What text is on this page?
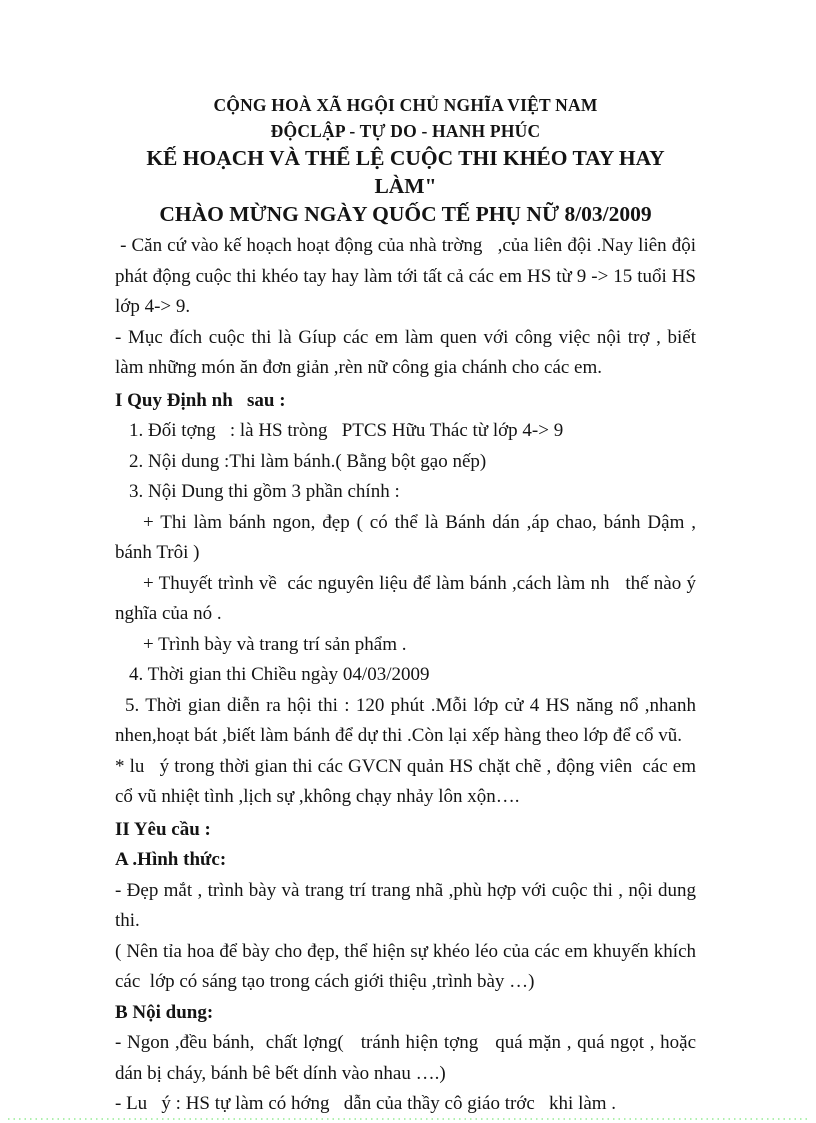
CỘNG HOÀ XÃ HGỘI CHỦ NGHĨA VIỆT NAM
ĐỘCLẬP - TỰ DO - HANH PHÚC
KẾ HOẠCH VÀ THỂ LỆ CUỘC THI KHÉO TAY HAY LÀM"
CHÀO MỪNG NGÀY QUỐC TẾ PHỤ NỮ 8/03/2009
- Căn cứ vào kế hoạch hoạt động của nhà trờng   ,của liên đội .Nay liên đội phát động cuộc thi khéo tay hay làm tới tất cả các em HS từ 9 -> 15 tuổi HS lớp 4-> 9.
- Mục đích cuộc thi là Gíup các em làm quen với công việc nội trợ , biết làm những món ăn đơn giản ,rèn nữ công gia chánh cho các em.
I Quy Định nh   sau :
1. Đối tợng   : là HS tròng   PTCS Hữu Thác từ lớp 4-> 9
2. Nội dung :Thi làm bánh.( Bằng bột gạo nếp)
3. Nội Dung thi gồm 3 phần chính :
+ Thi làm bánh ngon, đẹp ( có thể là Bánh dán ,áp chao, bánh Dậm , bánh Trôi )
+ Thuyết trình về  các nguyên liệu để làm bánh ,cách làm nh   thế nào ý nghĩa của nó .
+ Trình bày và trang trí sản phẩm .
4. Thời gian thi Chiều ngày 04/03/2009
5. Thời gian diễn ra hội thi : 120 phút .Mỗi lớp cử 4 HS năng nổ ,nhanh nhen,hoạt bát ,biết làm bánh để dự thi .Còn lại xếp hàng theo lớp để cổ vũ.
* lu   ý trong thời gian thi các GVCN quản HS chặt chẽ , động viên  các em cổ vũ nhiệt tình ,lịch sự ,không chạy nhảy lôn xộn….
II Yêu cầu :
A .Hình thức:
- Đẹp mắt , trình bày và trang trí trang nhã ,phù hợp với cuộc thi , nội dung thi.
( Nên tỉa hoa để bày cho đẹp, thể hiện sự khéo léo của các em khuyến khích các  lớp có sáng tạo trong cách giới thiệu ,trình bày …)
B Nội dung:
- Ngon ,đều bánh,  chất lợng(   tránh hiện tợng   quá mặn , quá ngọt , hoặc dán bị cháy, bánh bê bết dính vào nhau ….)
- Lu   ý : HS tự làm có hớng   dẫn của thầy cô giáo trớc   khi làm .
